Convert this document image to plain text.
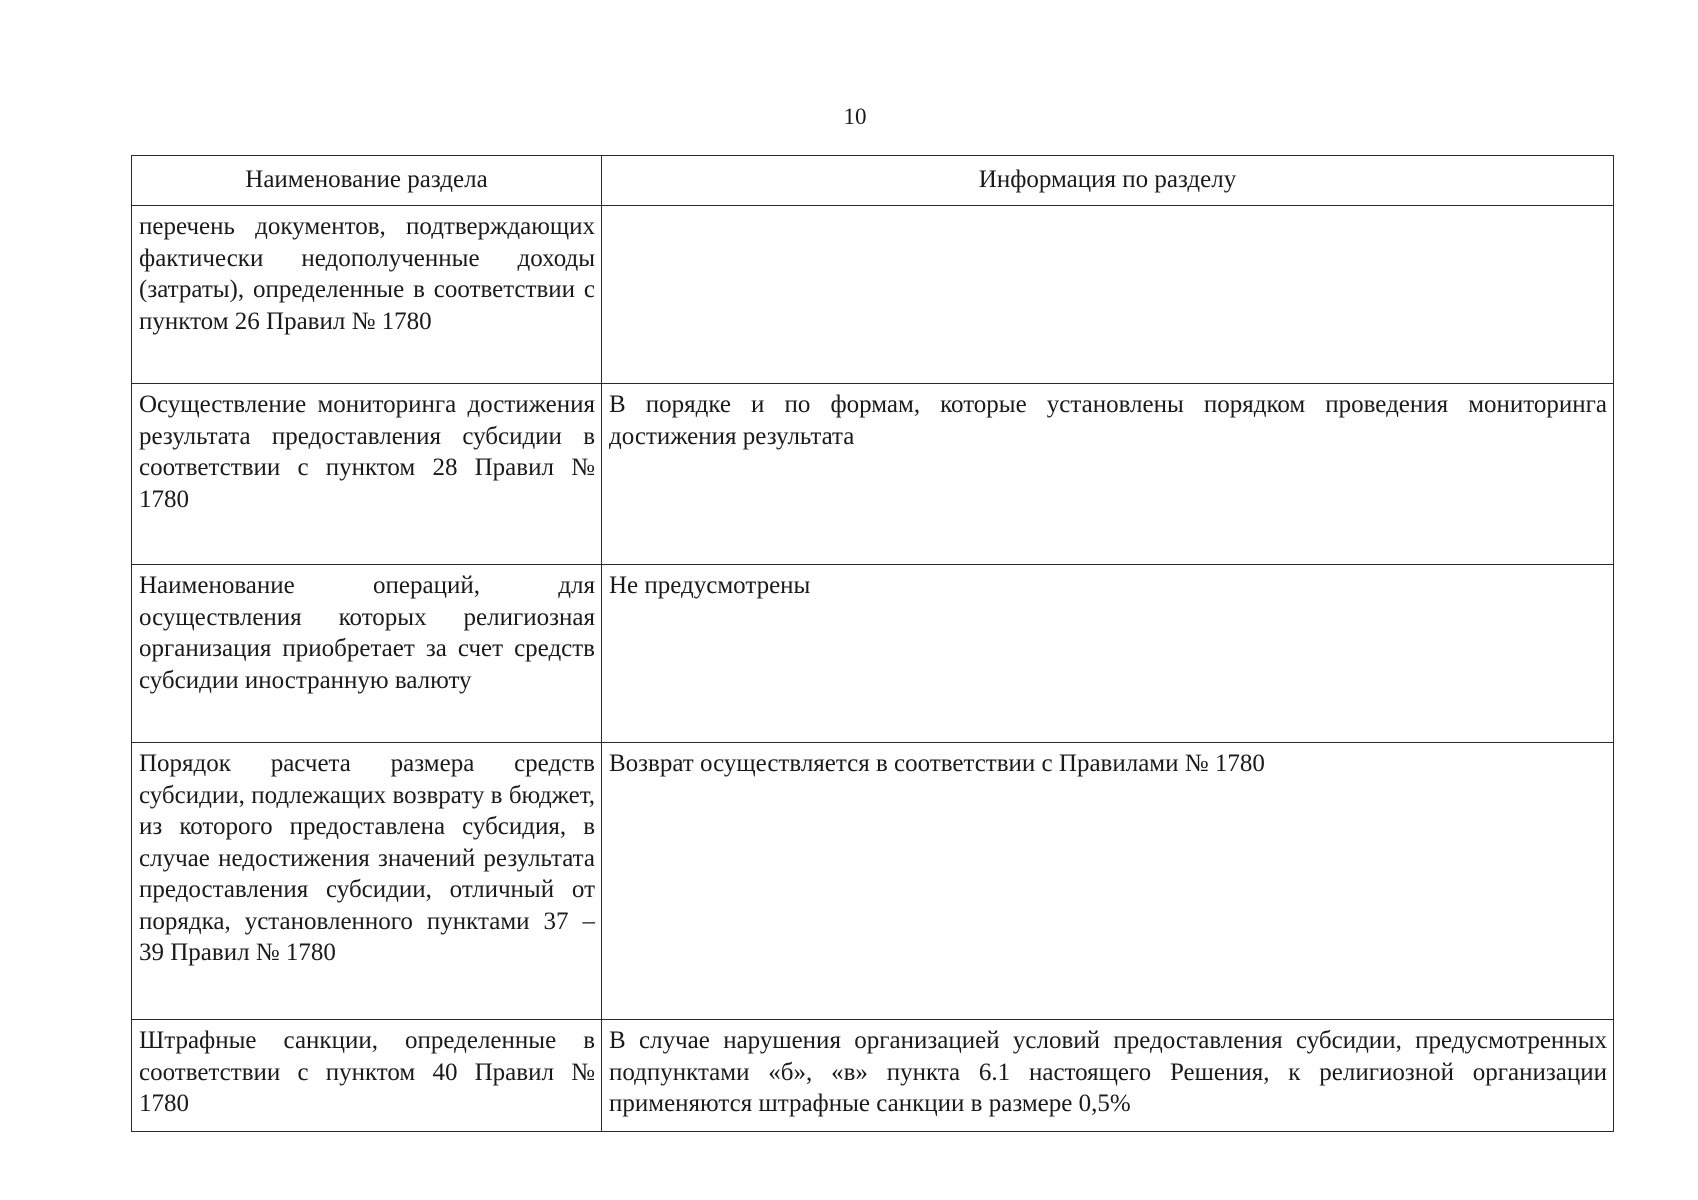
10
Наименование раздела	Информация по разделу
перечень документов, подтверждающих фактически недополученные доходы (затраты), определенные в соответствии с пунктом 26 Правил № 1780	
Осуществление мониторинга достижения результата предоставления субсидии в соответствии с пунктом 28 Правил № 1780	В порядке и по формам, которые установлены порядком проведения мониторинга достижения результата
Наименование операций, для осуществления которых религиозная организация приобретает за счет средств субсидии иностранную валюту	Не предусмотрены
Порядок расчета размера средств субсидии, подлежащих возврату в бюджет, из которого предоставлена субсидия, в случае недостижения значений результата предоставления субсидии, отличный от порядка, установленного пунктами 37 – 39 Правил № 1780	Возврат осуществляется в соответствии с Правилами № 1780
Штрафные санкции, определенные в соответствии с пунктом 40 Правил № 1780	В случае нарушения организацией условий предоставления субсидии, предусмотренных подпунктами «б», «в» пункта 6.1 настоящего Решения, к религиозной организации применяются штрафные санкции в размере 0,5%
